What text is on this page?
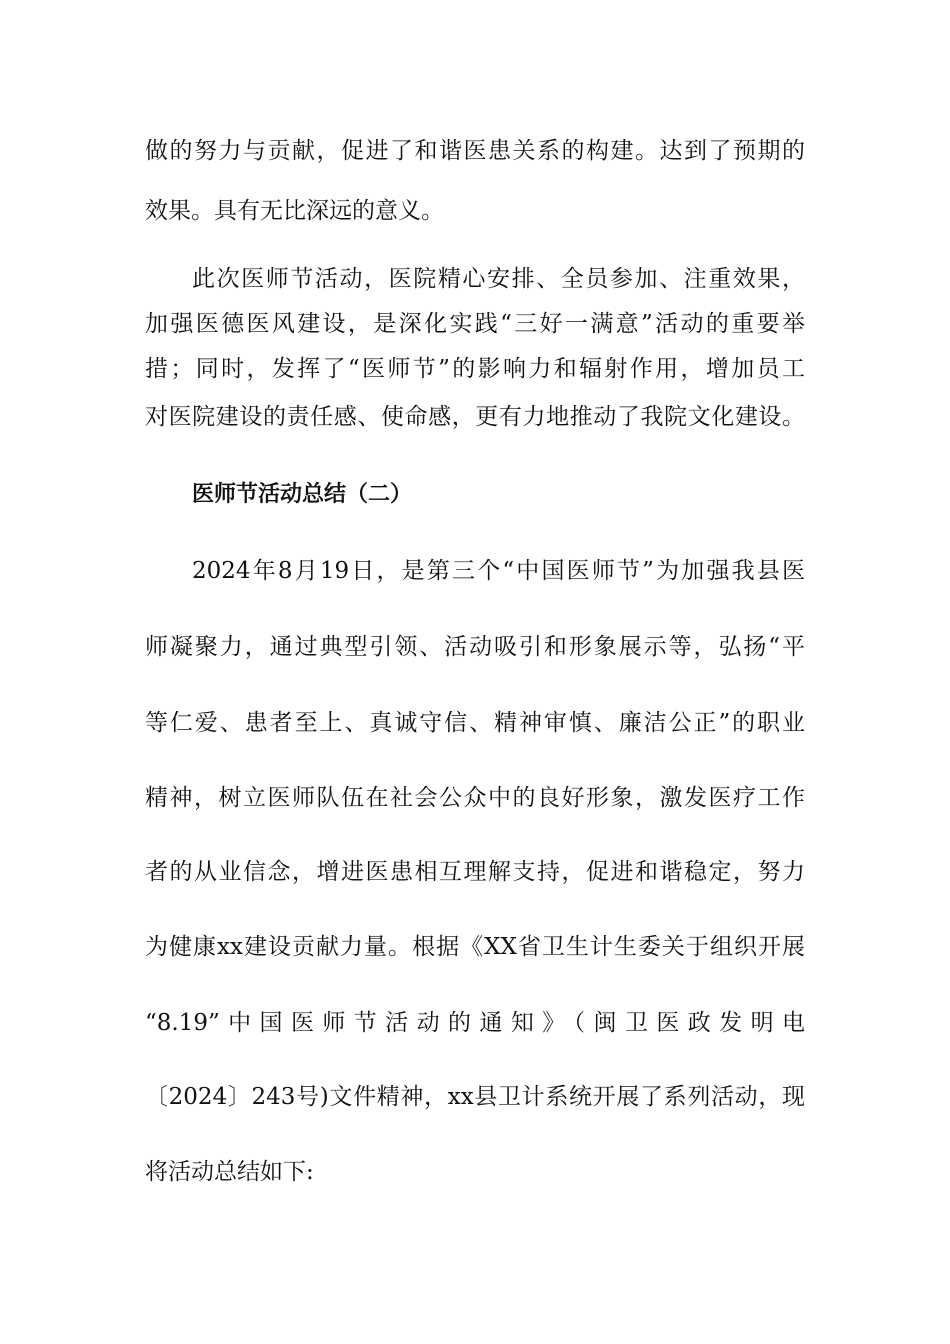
做的努力与贡献，促进了和谐医患关系的构建。达到了预期的
效果。具有无比深远的意义。
此次医师节活动，医院精心安排、全员参加、注重效果，
加强医德医风建设，是深化实践“三好一满意”活动的重要举
措；同时，发挥了“医师节”的影响力和辐射作用，增加员工
对医院建设的责任感、使命感，更有力地推动了我院文化建设。
医师节活动总结（二）
2024年8月19日，是第三个“中国医师节”为加强我县医
师凝聚力，通过典型引领、活动吸引和形象展示等，弘扬“平
等仁爱、患者至上、真诚守信、精神审慎、廉洁公正”的职业
精神，树立医师队伍在社会公众中的良好形象，激发医疗工作
者的从业信念，增进医患相互理解支持，促进和谐稳定，努力
为健康xx建设贡献力量。根据《XX省卫生计生委关于组织开展
“8.19”中国医师节活动的通知》（闽卫医政发明电
〔2024〕243号)文件精神，xx县卫计系统开展了系列活动，现
将活动总结如下:
